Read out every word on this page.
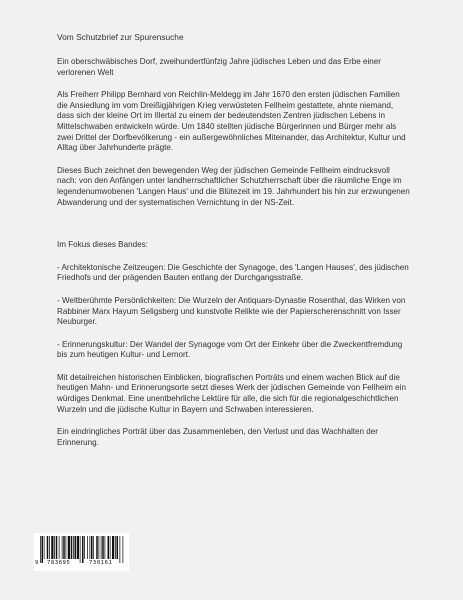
Vom Schutzbrief zur Spurensuche
Ein oberschwäbisches Dorf, zweihundertfünfzig Jahre jüdisches Leben und das Erbe einer verlorenen Welt
Als Freiherr Philipp Bernhard von Reichlin-Meldegg im Jahr 1670 den ersten jüdischen Familien die Ansiedlung im vom Dreißigjährigen Krieg verwüsteten Fellheim gestattete, ahnte niemand, dass sich der kleine Ort im Illertal zu einem der bedeutendsten Zentren jüdischen Lebens in Mittelschwaben entwickeln würde. Um 1840 stellten jüdische Bürgerinnen und Bürger mehr als zwei Drittel der Dorfbevölkerung - ein außergewöhnliches Miteinander, das Architektur, Kultur und Alltag über Jahrhunderte prägte.
Dieses Buch zeichnet den bewegenden Weg der jüdischen Gemeinde Fellheim eindrucksvoll nach: von den Anfängen unter landherrschaftlicher Schutzherrschaft über die räumliche Enge im legendenumwobenen 'Langen Haus' und die Blütezeit im 19. Jahrhundert bis hin zur erzwungenen Abwanderung und der systematischen Vernichtung in der NS-Zeit.
Im Fokus dieses Bandes:
- Architektonische Zeitzeugen: Die Geschichte der Synagoge, des 'Langen Hauses', des jüdischen Friedhofs und der prägenden Bauten entlang der Durchgangsstraße.
- Weltberühmte Persönlichkeiten: Die Wurzeln der Antiquars-Dynastie Rosenthal, das Wirken von Rabbiner Marx Hayum Seligsberg und kunstvolle Relikte wie der Papierscherenschnitt von Isser Neuburger.
- Erinnerungskultur: Der Wandel der Synagoge vom Ort der Einkehr über die Zweckentfremdung bis zum heutigen Kultur- und Lernort.
Mit detailreichen historischen Einblicken, biografischen Porträts und einem wachen Blick auf die heutigen Mahn- und Erinnerungsorte setzt dieses Werk der jüdischen Gemeinde von Fellheim ein würdiges Denkmal. Eine unentbehrliche Lektüre für alle, die sich für die regionalgeschichtlichen Wurzeln und die jüdische Kultur in Bayern und Schwaben interessieren.
Ein eindringliches Porträt über das Zusammenleben, den Verlust und das Wachhalten der Erinnerung.
9 783695	730161
